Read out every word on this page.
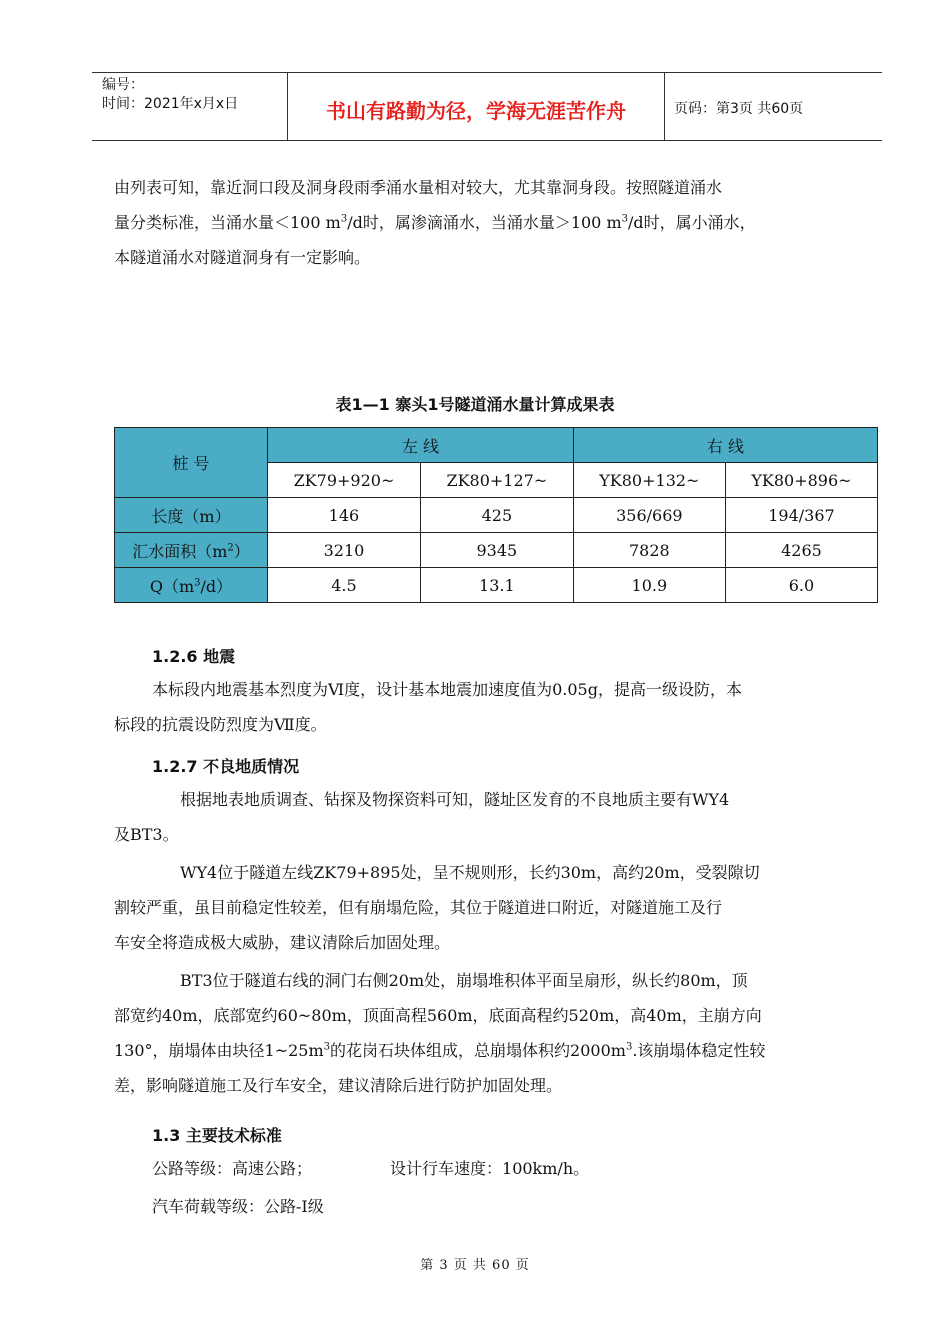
编号：
时间：2021年x月x日	书山有路勤为径，学海无涯苦作舟	页码：第3页 共60页
由列表可知，靠近洞口段及洞身段雨季涌水量相对较大，尤其靠洞身段。按照隧道涌水
量分类标准，当涌水量＜100 $m^3/d$时，属渗滴涌水，当涌水量＞100 $m^3/d$时，属小涌水，
本隧道涌水对隧道洞身有一定影响。
表1—1 寨头1号隧道涌水量计算成果表
桩 号	左 线		右 线	
	ZK79+920~	ZK80+127~	YK80+132~	YK80+896~
长度（m）	146	425	356/669	194/367
汇水面积$(m^2)$	3210	9345	7828	4265
$Q(m^3/d)$	4.5	13.1	10.9	6.0
1.2.6 地震
本标段内地震基本烈度为Ⅵ度，设计基本地震加速度值为0.05g，提高一级设防，本
标段的抗震设防烈度为Ⅶ度。
1.2.7 不良地质情况
根据地表地质调查、钻探及物探资料可知，隧址区发育的不良地质主要有WY4
及BT3。
WY4位于隧道左线ZK79+895处，呈不规则形，长约30m，高约20m，受裂隙切
割较严重，虽目前稳定性较差，但有崩塌危险，其位于隧道进口附近，对隧道施工及行
车安全将造成极大威胁，建议清除后加固处理。
BT3位于隧道右线的洞门右侧20m处，崩塌堆积体平面呈扇形，纵长约80m，顶
部宽约40m，底部宽约60~80m，顶面高程560m，底面高程约520m，高40m，主崩方向
130°，崩塌体由块径$1\sim 25m^3$的花岗石块体组成，总崩塌体积约$2000m^3$.该崩塌体稳定性较
差，影响隧道施工及行车安全，建议清除后进行防护加固处理。
1.3 主要技术标准
公路等级：高速公路；	设计行车速度：100km/h。
汽车荷载等级：公路-I级
第 3 页 共 60 页
